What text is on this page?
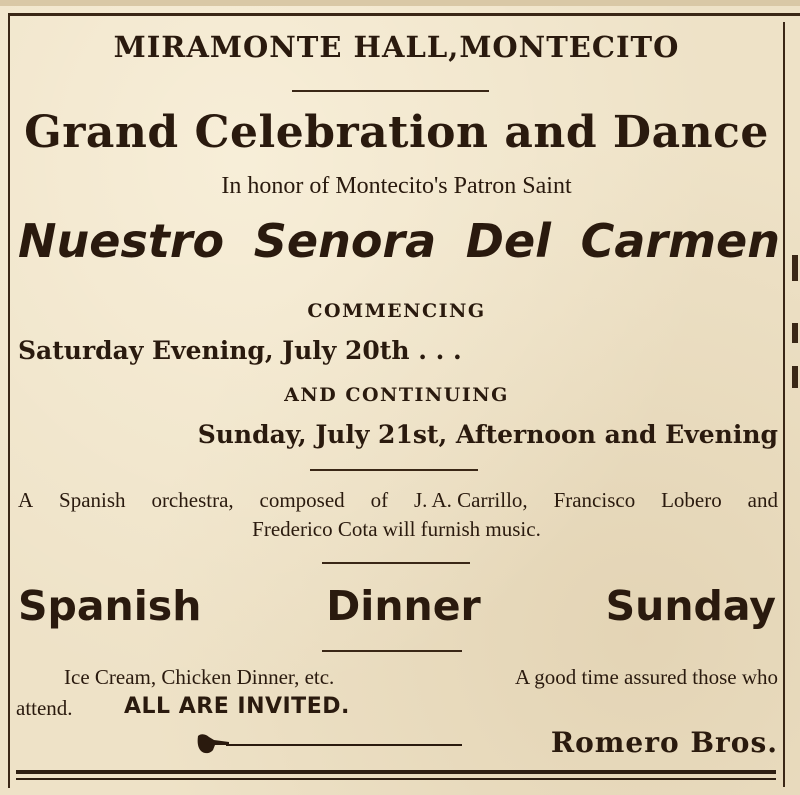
MIRAMONTE HALL,MONTECITO
Grand Celebration and Dance
In honor of Montecito's Patron Saint
Nuestro Senora Del Carmen
COMMENCING
Saturday Evening, July 20th . . .
AND CONTINUING
Sunday, July 21st, Afternoon and Evening
A Spanish orchestra, composed of J. A. Carrillo, Francisco Lobero and
Frederico Cota will furnish music.
Spanish	Dinner	Sunday
Ice Cream, Chicken Dinner, etc.	A good time assured those who
attend. ALL ARE INVITED.
Romero Bros.
